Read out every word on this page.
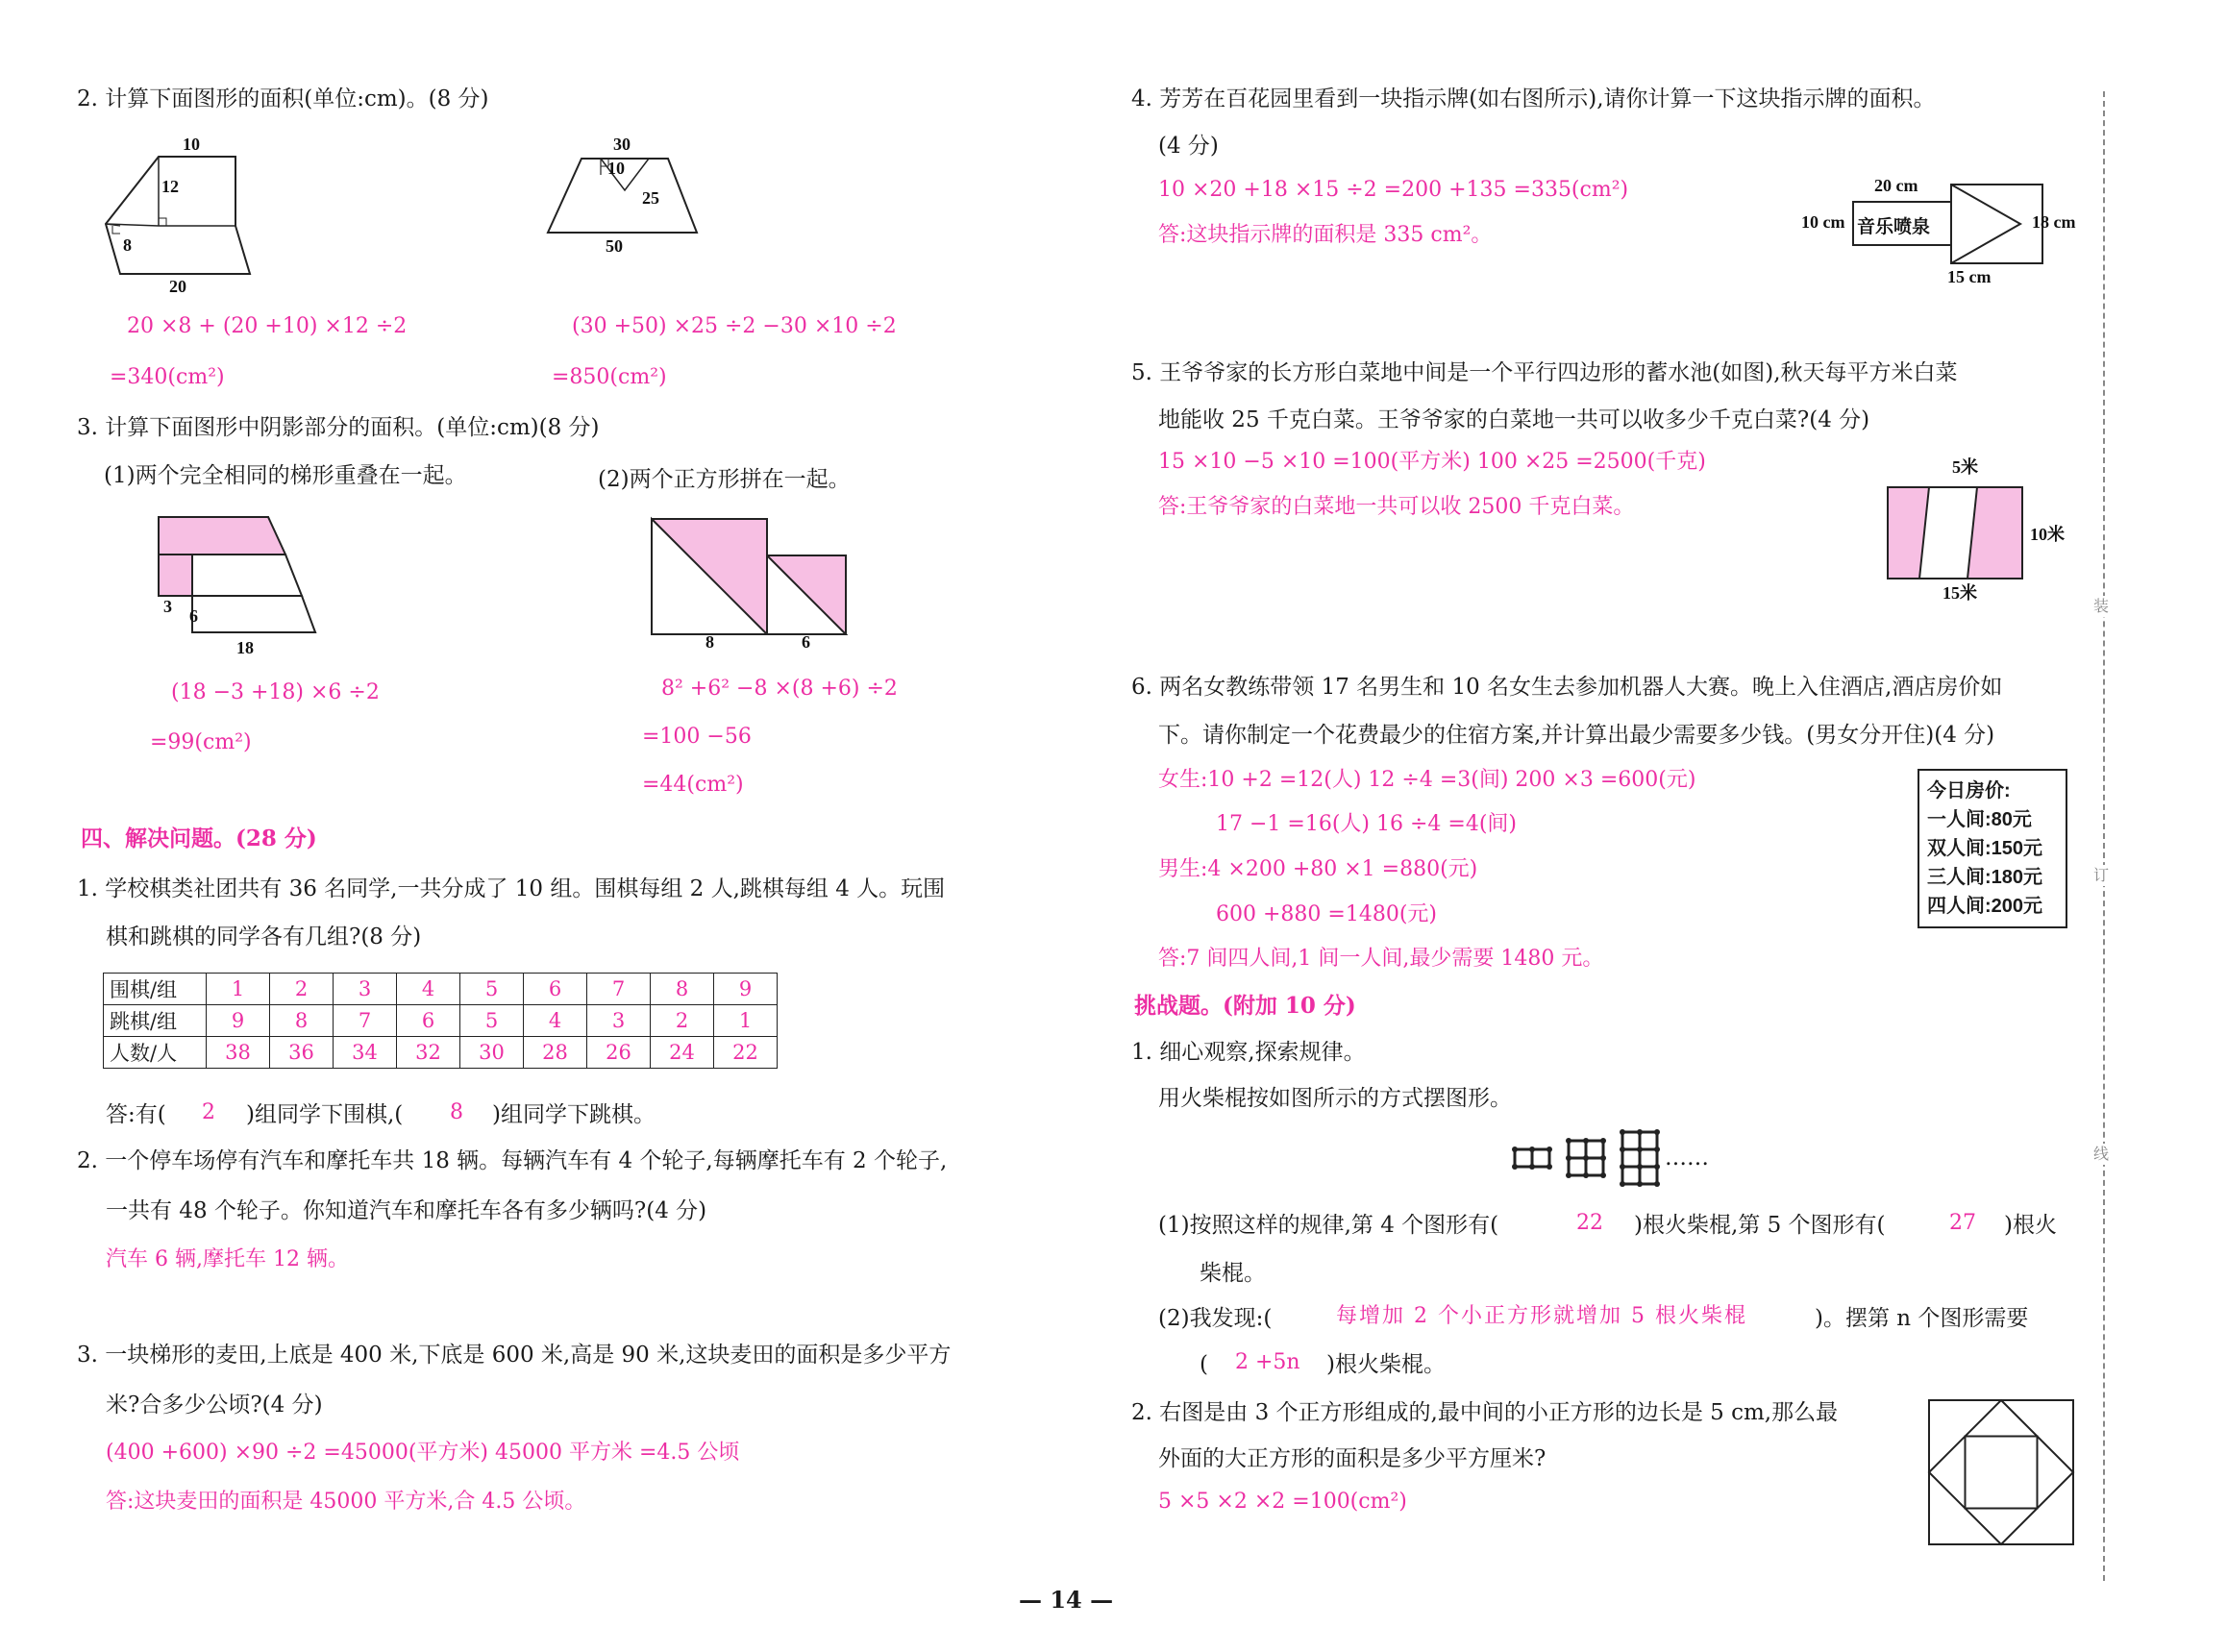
2. 计算下面图形的面积(单位:cm)。(8 分)
10
12
8
20
30
10
25
50
20 ×8 + (20 +10) ×12 ÷2
=340(cm²)
(30 +50) ×25 ÷2 −30 ×10 ÷2
=850(cm²)
3. 计算下面图形中阴影部分的面积。(单位:cm)(8 分)
(1)两个完全相同的梯形重叠在一起。	(2)两个正方形拼在一起。
3 6
18	8	6
(18 −3 +18) ×6 ÷2
=99(cm²)
8² +6² −8 ×(8 +6) ÷2
=100 −56
=44(cm²)
四、解决问题。(28 分)
1. 学校棋类社团共有 36 名同学,一共分成了 10 组。围棋每组 2 人,跳棋每组 4 人。玩围
棋和跳棋的同学各有几组?(8 分)
围棋/组	1	2	3	4	5	6	7	8	9
跳棋/组	9	8	7	6	5	4	3	2	1
人数/人	38	36	34	32	30	28	26	24	22
答:有( 2 )组同学下围棋,( 8 )组同学下跳棋。
2. 一个停车场停有汽车和摩托车共 18 辆。每辆汽车有 4 个轮子,每辆摩托车有 2 个轮子,
一共有 48 个轮子。你知道汽车和摩托车各有多少辆吗?(4 分)
汽车 6 辆,摩托车 12 辆。
3. 一块梯形的麦田,上底是 400 米,下底是 600 米,高是 90 米,这块麦田的面积是多少平方
米?合多少公顷?(4 分)
(400 +600) ×90 ÷2 =45000(平方米) 45000 平方米 =4.5 公顷
答:这块麦田的面积是 45000 平方米,合 4.5 公顷。
4. 芳芳在百花园里看到一块指示牌(如右图所示),请你计算一下这块指示牌的面积。
(4 分)
10 ×20 +18 ×15 ÷2 =200 +135 =335(cm²)
答:这块指示牌的面积是 335 cm²。
20 cm
10 cm 音乐喷泉	18 cm
15 cm
5. 王爷爷家的长方形白菜地中间是一个平行四边形的蓄水池(如图),秋天每平方米白菜
地能收 25 千克白菜。王爷爷家的白菜地一共可以收多少千克白菜?(4 分)
15 ×10 −5 ×10 =100(平方米) 100 ×25 =2500(千克)
答:王爷爷家的白菜地一共可以收 2500 千克白菜。
5米
10米
15米
6. 两名女教练带领 17 名男生和 10 名女生去参加机器人大赛。晚上入住酒店,酒店房价如
下。请你制定一个花费最少的住宿方案,并计算出最少需要多少钱。(男女分开住)(4 分)
女生:10 +2 =12(人) 12 ÷4 =3(间) 200 ×3 =600(元)
17 −1 =16(人) 16 ÷4 =4(间)
男生:4 ×200 +80 ×1 =880(元)
600 +880 =1480(元)
答:7 间四人间,1 间一人间,最少需要 1480 元。
今日房价:
一人间:80元
双人间:150元
三人间:180元
四人间:200元
挑战题。(附加 10 分)
1. 细心观察,探索规律。
用火柴棍按如图所示的方式摆图形。
……
(1)按照这样的规律,第 4 个图形有(	22 )根火柴棍,第 5 个图形有(	27 )根火
柴棍。
(2)我发现:(	每增加 2 个小正方形就增加 5 根火柴棍	)。摆第 n 个图形需要
( 2 +5n )根火柴棍。
2. 右图是由 3 个正方形组成的,最中间的小正方形的边长是 5 cm,那么最
外面的大正方形的面积是多少平方厘米?
5 ×5 ×2 ×2 =100(cm²)
装
订
线
— 14 —
